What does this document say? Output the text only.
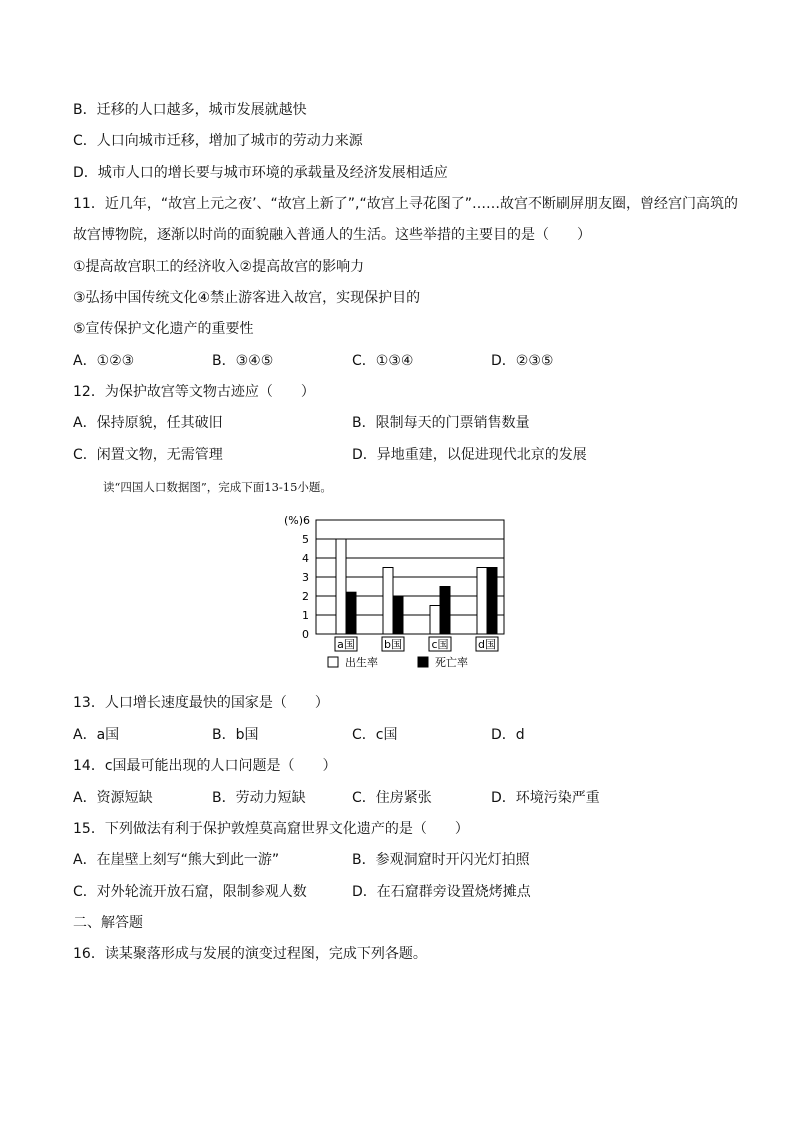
B．迁移的人口越多，城市发展就越快
C．人口向城市迁移，增加了城市的劳动力来源
D．城市人口的增长要与城市环境的承载量及经济发展相适应
11．近几年，“故宫上元之夜’、“故宫上新了”,“故宫上寻花图了”……故宫不断刷屏朋友圈，曾经宫门高筑的
故宫博物院，逐渐以时尚的面貌融入普通人的生活。这些举措的主要目的是（　　）
①提高故宫职工的经济收入②提高故宫的影响力
③弘扬中国传统文化④禁止游客进入故宫，实现保护目的
⑤宣传保护文化遗产的重要性
A．①②③	B．③④⑤	C．①③④	D．②③⑤
12．为保护故宫等文物古迹应（　　）
A．保持原貌，任其破旧	B．限制每天的门票销售数量
C．闲置文物，无需管理	D．异地重建，以促进现代北京的发展
读“四国人口数据图”，完成下面13-15小题。
0
1
2
3
4
5
6
(%)
a国	b国	c国	d国
出生率	死亡率
13．人口增长速度最快的国家是（　　）
A．a国	B．b国	C．c国	D．d
14．c国最可能出现的人口问题是（　　）
A．资源短缺	B．劳动力短缺	C．住房紧张	D．环境污染严重
15．下列做法有利于保护敦煌莫高窟世界文化遗产的是（　　）
A．在崖壁上刻写“熊大到此一游”	B．参观洞窟时开闪光灯拍照
C．对外轮流开放石窟，限制参观人数	D．在石窟群旁设置烧烤摊点
二、解答题
16．读某聚落形成与发展的演变过程图，完成下列各题。
